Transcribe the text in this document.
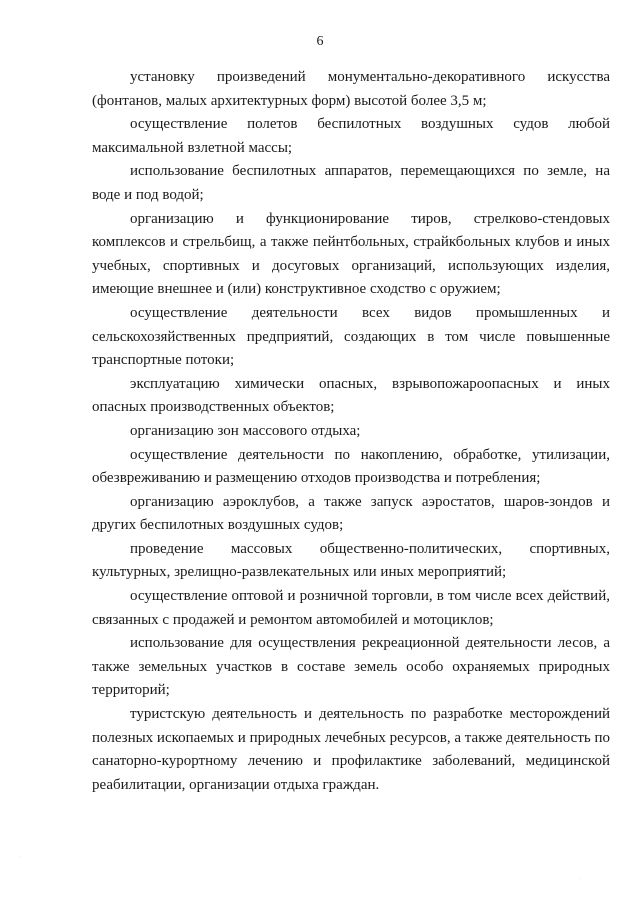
6

установку произведений монументально-декоративного искусства (фонтанов, малых архитектурных форм) высотой более 3,5 м;

осуществление полетов беспилотных воздушных судов любой максимальной взлетной массы;

использование беспилотных аппаратов, перемещающихся по земле, на воде и под водой;

организацию и функционирование тиров, стрелково-стендовых комплексов и стрельбищ, а также пейнтбольных, страйкбольных клубов и иных учебных, спортивных и досуговых организаций, использующих изделия, имеющие внешнее и (или) конструктивное сходство с оружием;

осуществление деятельности всех видов промышленных и сельскохозяйственных предприятий, создающих в том числе повышенные транспортные потоки;

эксплуатацию химически опасных, взрывопожароопасных и иных опасных производственных объектов;

организацию зон массового отдыха;

осуществление деятельности по накоплению, обработке, утилизации, обезвреживанию и размещению отходов производства и потребления;

организацию аэроклубов, а также запуск аэростатов, шаров-зондов и других беспилотных воздушных судов;

проведение массовых общественно-политических, спортивных, культурных, зрелищно-развлекательных или иных мероприятий;

осуществление оптовой и розничной торговли, в том числе всех действий, связанных с продажей и ремонтом автомобилей и мотоциклов;

использование для осуществления рекреационной деятельности лесов, а также земельных участков в составе земель особо охраняемых природных территорий;

туристскую деятельность и деятельность по разработке месторождений полезных ископаемых и природных лечебных ресурсов, а также деятельность по санаторно-курортному лечению и профилактике заболеваний, медицинской реабилитации, организации отдыха граждан.
